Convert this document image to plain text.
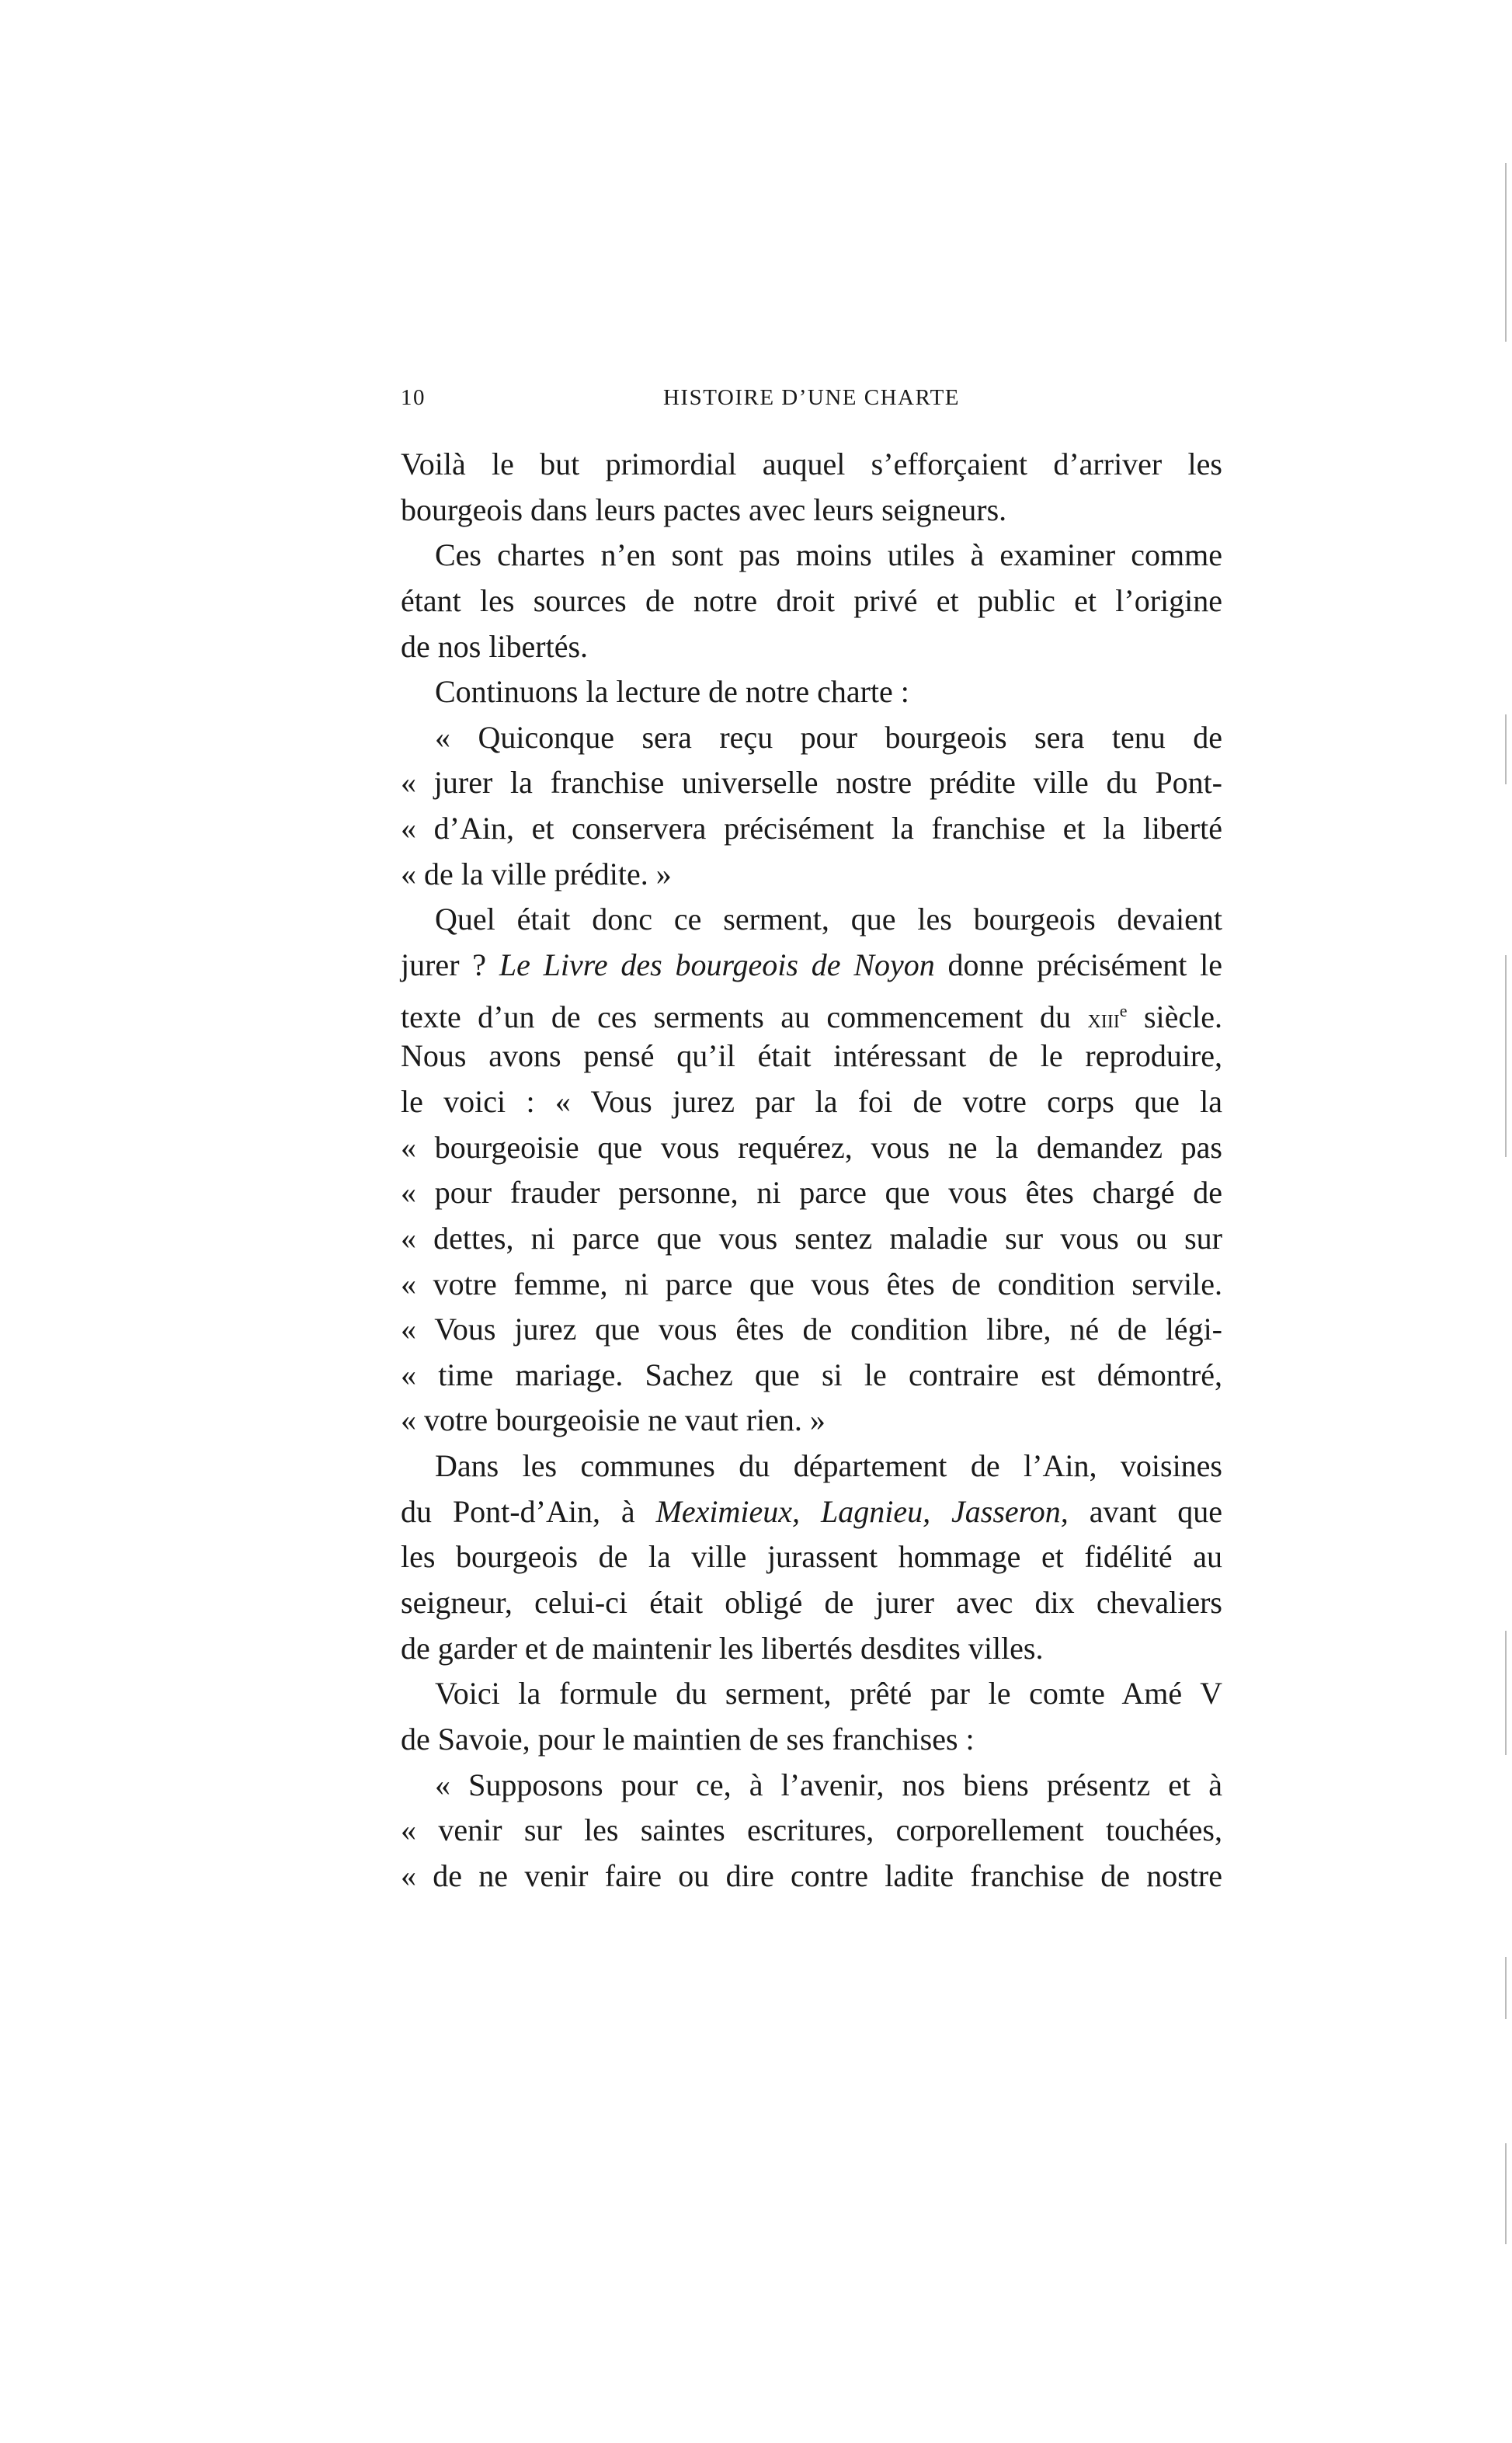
10	HISTOIRE D’UNE CHARTE
Voilà le but primordial auquel s’efforçaient d’arriver les
bourgeois dans leurs pactes avec leurs seigneurs.
Ces chartes n’en sont pas moins utiles à examiner comme
étant les sources de notre droit privé et public et l’origine
de nos libertés.
Continuons la lecture de notre charte :
« Quiconque sera reçu pour bourgeois sera tenu de
« jurer la franchise universelle nostre prédite ville du Pont-
« d’Ain, et conservera précisément la franchise et la liberté
« de la ville prédite. »
Quel était donc ce serment, que les bourgeois devaient
jurer ? Le Livre des bourgeois de Noyon donne précisément le
texte d’un de ces serments au commencement du xiii$^e$ siècle.
Nous avons pensé qu’il était intéressant de le reproduire,
le voici : « Vous jurez par la foi de votre corps que la
« bourgeoisie que vous requérez, vous ne la demandez pas
« pour frauder personne, ni parce que vous êtes chargé de
« dettes, ni parce que vous sentez maladie sur vous ou sur
« votre femme, ni parce que vous êtes de condition servile.
« Vous jurez que vous êtes de condition libre, né de légi-
« time mariage. Sachez que si le contraire est démontré,
« votre bourgeoisie ne vaut rien. »
Dans les communes du département de l’Ain, voisines
du Pont-d’Ain, à Meximieux, Lagnieu, Jasseron, avant que
les bourgeois de la ville jurassent hommage et fidélité au
seigneur, celui-ci était obligé de jurer avec dix chevaliers
de garder et de maintenir les libertés desdites villes.
Voici la formule du serment, prêté par le comte Amé V
de Savoie, pour le maintien de ses franchises :
« Supposons pour ce, à l’avenir, nos biens présentz et à
« venir sur les saintes escritures, corporellement touchées,
« de ne venir faire ou dire contre ladite franchise de nostre
